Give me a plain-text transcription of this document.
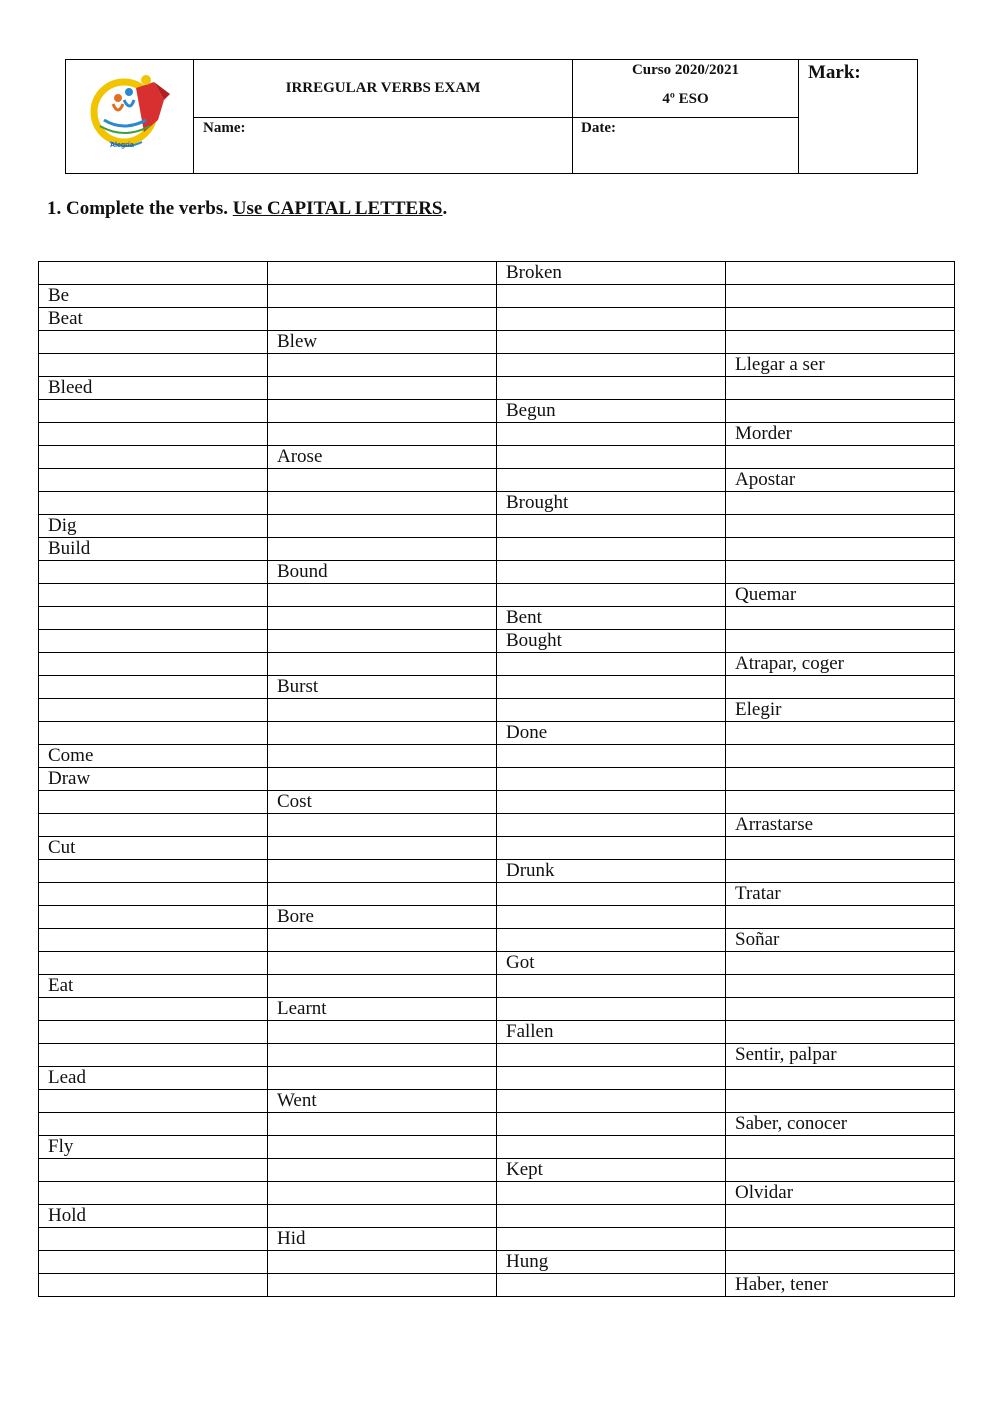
Alegría
IRREGULAR VERBS EXAM
Curso 2020/2021
4º ESO
Mark:
Name:	Date:
1. Complete the verbs. Use CAPITAL LETTERS.
		Broken	
Be			
Beat			
	Blew		
			Llegar a ser
Bleed			
		Begun	
			Morder
	Arose		
			Apostar
		Brought	
Dig			
Build			
	Bound		
			Quemar
		Bent	
		Bought	
			Atrapar, coger
	Burst		
			Elegir
		Done	
Come			
Draw			
	Cost		
			Arrastarse
Cut			
		Drunk	
			Tratar
	Bore		
			Soñar
		Got	
Eat			
	Learnt		
		Fallen	
			Sentir, palpar
Lead			
	Went		
			Saber, conocer
Fly			
		Kept	
			Olvidar
Hold			
	Hid		
		Hung	
			Haber, tener
